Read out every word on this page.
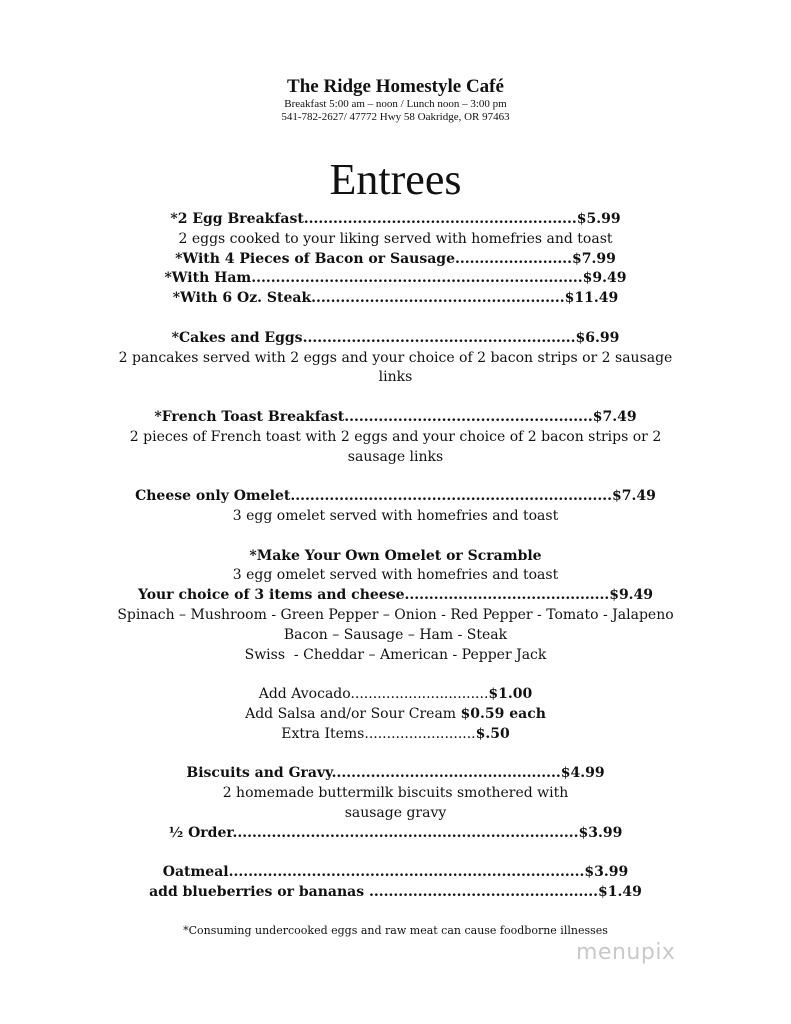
The Ridge Homestyle Café
Breakfast 5:00 am – noon / Lunch noon – 3:00 pm
541-782-2627/ 47772 Hwy 58 Oakridge, OR 97463
Entrees
*2 Egg Breakfast........................................................$5.99
2 eggs cooked to your liking served with homefries and toast
*With 4 Pieces of Bacon or Sausage........................$7.99
*With Ham....................................................................$9.49
*With 6 Oz. Steak....................................................$11.49
*Cakes and Eggs........................................................$6.99
2 pancakes served with 2 eggs and your choice of 2 bacon strips or 2 sausage
links
*French Toast Breakfast...................................................$7.49
2 pieces of French toast with 2 eggs and your choice of 2 bacon strips or 2
sausage links
Cheese only Omelet..................................................................$7.49
3 egg omelet served with homefries and toast
*Make Your Own Omelet or Scramble
3 egg omelet served with homefries and toast
Your choice of 3 items and cheese..........................................$9.49
Spinach – Mushroom - Green Pepper – Onion - Red Pepper - Tomato - Jalapeno
Bacon – Sausage – Ham - Steak
Swiss  - Cheddar – American - Pepper Jack
Add Avocado...............................$1.00
Add Salsa and/or Sour Cream $0.59 each
Extra Items.........................$.50
Biscuits and Gravy...............................................$4.99
2 homemade buttermilk biscuits smothered with
sausage gravy
½ Order.......................................................................$3.99
Oatmeal.........................................................................$3.99
add blueberries or bananas ...............................................$1.49
*Consuming undercooked eggs and raw meat can cause foodborne illnesses
menupix
